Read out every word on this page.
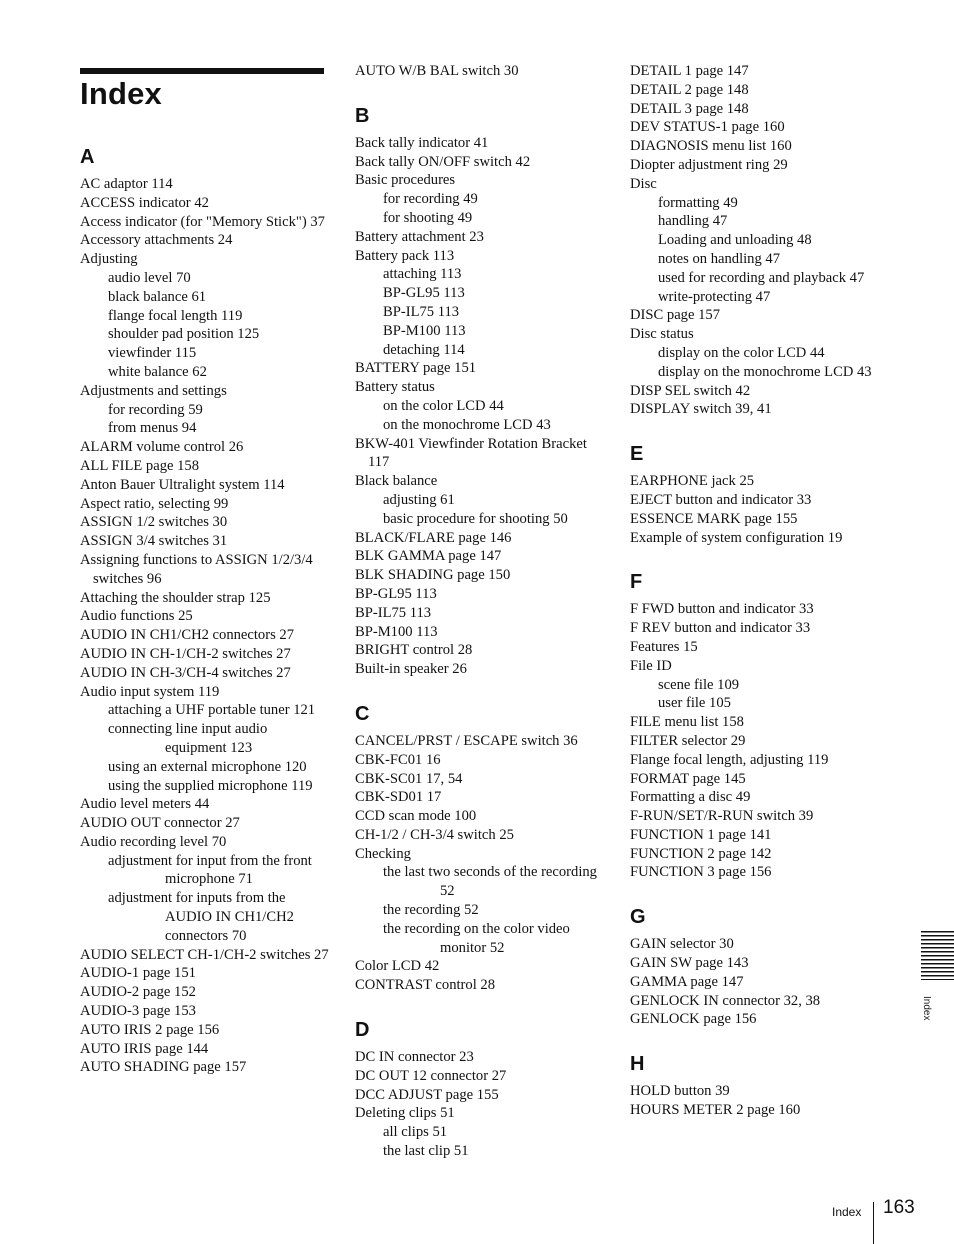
Index
A
AC adaptor 114
ACCESS indicator 42
Access indicator (for "Memory Stick") 37
Accessory attachments 24
Adjusting
audio level 70
black balance 61
flange focal length 119
shoulder pad position 125
viewfinder 115
white balance 62
Adjustments and settings
for recording 59
from menus 94
ALARM volume control 26
ALL FILE page 158
Anton Bauer Ultralight system 114
Aspect ratio, selecting 99
ASSIGN 1/2 switches 30
ASSIGN 3/4 switches 31
Assigning functions to ASSIGN 1/2/3/4 switches 96
Attaching the shoulder strap 125
Audio functions 25
AUDIO IN CH1/CH2 connectors 27
AUDIO IN CH-1/CH-2 switches 27
AUDIO IN CH-3/CH-4 switches 27
Audio input system 119
attaching a UHF portable tuner 121
connecting line input audio equipment 123
using an external microphone 120
using the supplied microphone 119
Audio level meters 44
AUDIO OUT connector 27
Audio recording level 70
adjustment for input from the front microphone 71
adjustment for inputs from the AUDIO IN CH1/CH2 connectors 70
AUDIO SELECT CH-1/CH-2 switches 27
AUDIO-1 page 151
AUDIO-2 page 152
AUDIO-3 page 153
AUTO IRIS 2 page 156
AUTO IRIS page 144
AUTO SHADING page 157
AUTO W/B BAL switch 30
B
Back tally indicator 41
Back tally ON/OFF switch 42
Basic procedures
for recording 49
for shooting 49
Battery attachment 23
Battery pack 113
attaching 113
BP-GL95 113
BP-IL75 113
BP-M100 113
detaching 114
BATTERY page 151
Battery status
on the color LCD 44
on the monochrome LCD 43
BKW-401 Viewfinder Rotation Bracket 117
Black balance
adjusting 61
basic procedure for shooting 50
BLACK/FLARE page 146
BLK GAMMA page 147
BLK SHADING page 150
BP-GL95 113
BP-IL75 113
BP-M100 113
BRIGHT control 28
Built-in speaker 26
C
CANCEL/PRST / ESCAPE switch 36
CBK-FC01 16
CBK-SC01 17, 54
CBK-SD01 17
CCD scan mode 100
CH-1/2 / CH-3/4 switch 25
Checking
the last two seconds of the recording 52
the recording 52
the recording on the color video monitor 52
Color LCD 42
CONTRAST control 28
D
DC IN connector 23
DC OUT 12 connector 27
DCC ADJUST page 155
Deleting clips 51
all clips 51
the last clip 51
DETAIL 1 page 147
DETAIL 2 page 148
DETAIL 3 page 148
DEV STATUS-1 page 160
DIAGNOSIS menu list 160
Diopter adjustment ring 29
Disc
formatting 49
handling 47
Loading and unloading 48
notes on handling 47
used for recording and playback 47
write-protecting 47
DISC page 157
Disc status
display on the color LCD 44
display on the monochrome LCD 43
DISP SEL switch 42
DISPLAY switch 39, 41
E
EARPHONE jack 25
EJECT button and indicator 33
ESSENCE MARK page 155
Example of system configuration 19
F
F FWD button and indicator 33
F REV button and indicator 33
Features 15
File ID
scene file 109
user file 105
FILE menu list 158
FILTER selector 29
Flange focal length, adjusting 119
FORMAT page 145
Formatting a disc 49
F-RUN/SET/R-RUN switch 39
FUNCTION 1 page 141
FUNCTION 2 page 142
FUNCTION 3 page 156
G
GAIN selector 30
GAIN SW page 143
GAMMA page 147
GENLOCK IN connector 32, 38
GENLOCK page 156
H
HOLD button 39
HOURS METER 2 page 160
Index
Index 163
